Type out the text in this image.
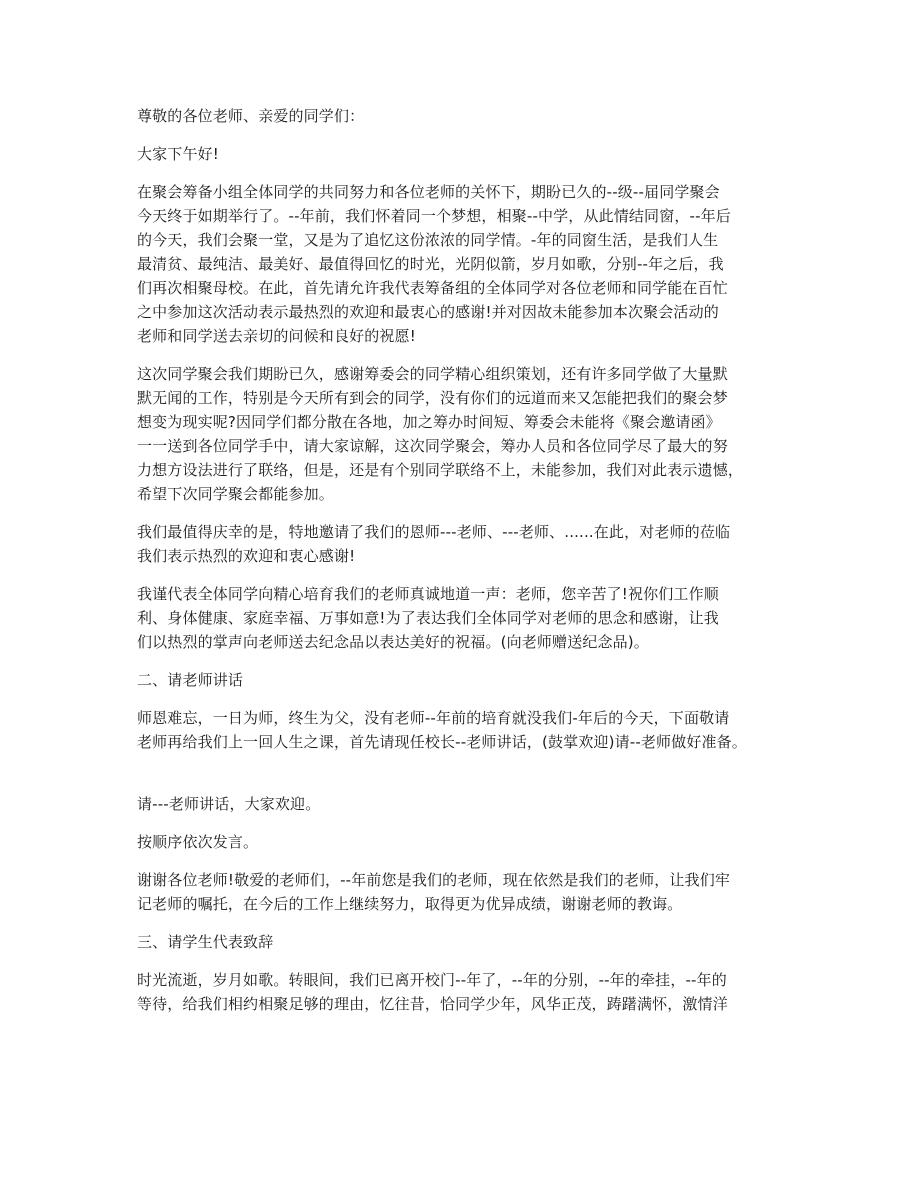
尊敬的各位老师、亲爱的同学们：

大家下午好!

在聚会筹备小组全体同学的共同努力和各位老师的关怀下，期盼已久的--级--届同学聚会
今天终于如期举行了。--年前，我们怀着同一个梦想，相聚--中学，从此情结同窗，--年后
的今天，我们会聚一堂，又是为了追忆这份浓浓的同学情。-年的同窗生活，是我们人生
最清贫、最纯洁、最美好、最值得回忆的时光，光阴似箭，岁月如歌，分别--年之后，我
们再次相聚母校。在此，首先请允许我代表筹备组的全体同学对各位老师和同学能在百忙
之中参加这次活动表示最热烈的欢迎和最衷心的感谢!并对因故未能参加本次聚会活动的
老师和同学送去亲切的问候和良好的祝愿!

这次同学聚会我们期盼已久，感谢筹委会的同学精心组织策划，还有许多同学做了大量默
默无闻的工作，特别是今天所有到会的同学，没有你们的远道而来又怎能把我们的聚会梦
想变为现实呢?因同学们都分散在各地，加之筹办时间短、筹委会未能将《聚会邀请函》
一一送到各位同学手中，请大家谅解，这次同学聚会，筹办人员和各位同学尽了最大的努
力想方设法进行了联络，但是，还是有个别同学联络不上，未能参加，我们对此表示遗憾，
希望下次同学聚会都能参加。

我们最值得庆幸的是，特地邀请了我们的恩师---老师、---老师、......在此，对老师的莅临
我们表示热烈的欢迎和衷心感谢!

我谨代表全体同学向精心培育我们的老师真诚地道一声：老师，您辛苦了!祝你们工作顺
利、身体健康、家庭幸福、万事如意!为了表达我们全体同学对老师的思念和感谢，让我
们以热烈的掌声向老师送去纪念品以表达美好的祝福。(向老师赠送纪念品)。

二、请老师讲话

师恩难忘，一日为师，终生为父，没有老师--年前的培育就没我们-年后的今天，下面敬请
老师再给我们上一回人生之课，首先请现任校长--老师讲话，(鼓掌欢迎)请--老师做好准备。

请---老师讲话，大家欢迎。

按顺序依次发言。

谢谢各位老师!敬爱的老师们，--年前您是我们的老师，现在依然是我们的老师，让我们牢
记老师的嘱托，在今后的工作上继续努力，取得更为优异成绩，谢谢老师的教诲。

三、请学生代表致辞

时光流逝，岁月如歌。转眼间，我们已离开校门--年了，--年的分别，--年的牵挂，--年的
等待，给我们相约相聚足够的理由，忆往昔，恰同学少年，风华正茂，踌躇满怀，激情洋
